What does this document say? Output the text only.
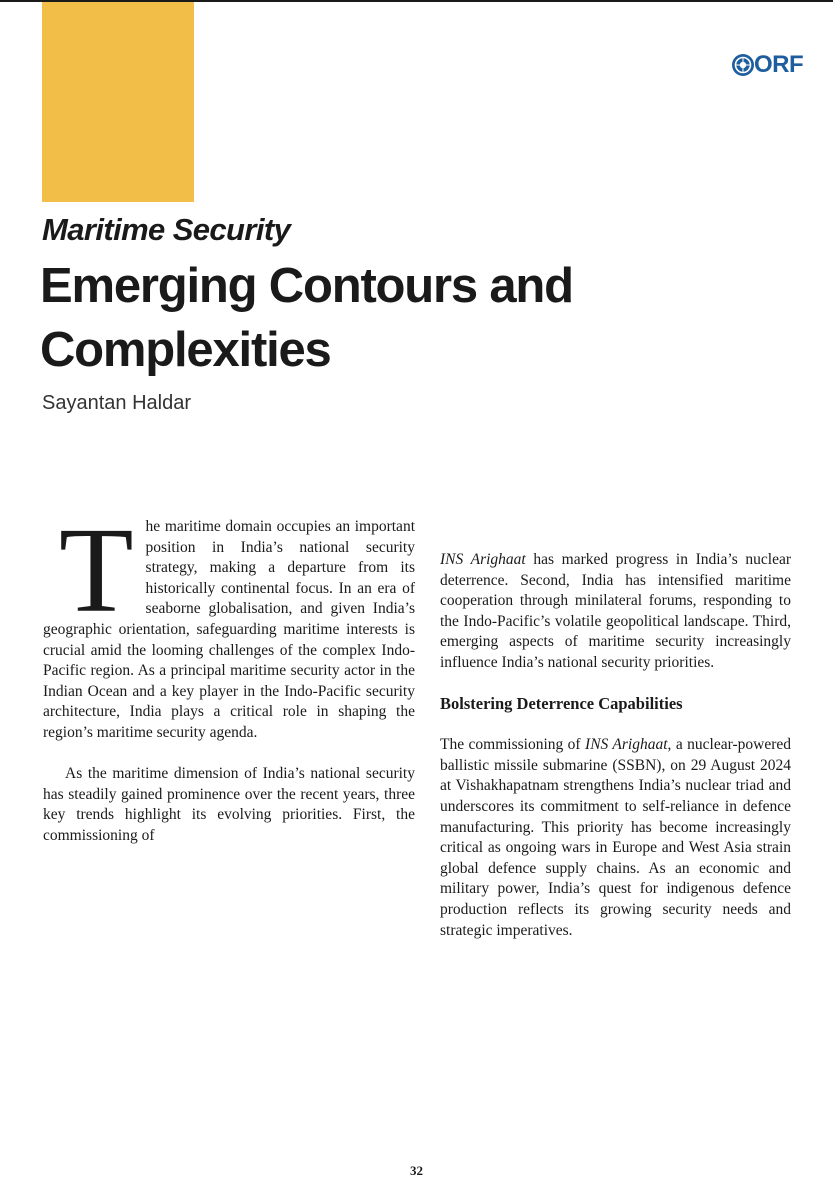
ORF
Maritime Security
Emerging Contours and Complexities
Sayantan Haldar

The maritime domain occupies an important position in India’s national security strategy, making a departure from its historically continental focus. In an era of seaborne globalisation, and given India’s geographic orientation, safeguarding maritime interests is crucial amid the looming challenges of the complex Indo-Pacific region. As a principal maritime security actor in the Indian Ocean and a key player in the Indo-Pacific security architecture, India plays a critical role in shaping the region’s maritime security agenda.

As the maritime dimension of India’s national security has steadily gained prominence over the recent years, three key trends highlight its evolving priorities. First, the commissioning of

INS Arighaat has marked progress in India’s nuclear deterrence. Second, India has intensified maritime cooperation through minilateral forums, responding to the Indo-Pacific’s volatile geopolitical landscape. Third, emerging aspects of maritime security increasingly influence India’s national security priorities.

Bolstering Deterrence Capabilities

The commissioning of INS Arighaat, a nuclear-powered ballistic missile submarine (SSBN), on 29 August 2024 at Vishakhapatnam strengthens India’s nuclear triad and underscores its commitment to self-reliance in defence manufacturing. This priority has become increasingly critical as ongoing wars in Europe and West Asia strain global defence supply chains. As an economic and military power, India’s quest for indigenous defence production reflects its growing security needs and strategic imperatives.

32
